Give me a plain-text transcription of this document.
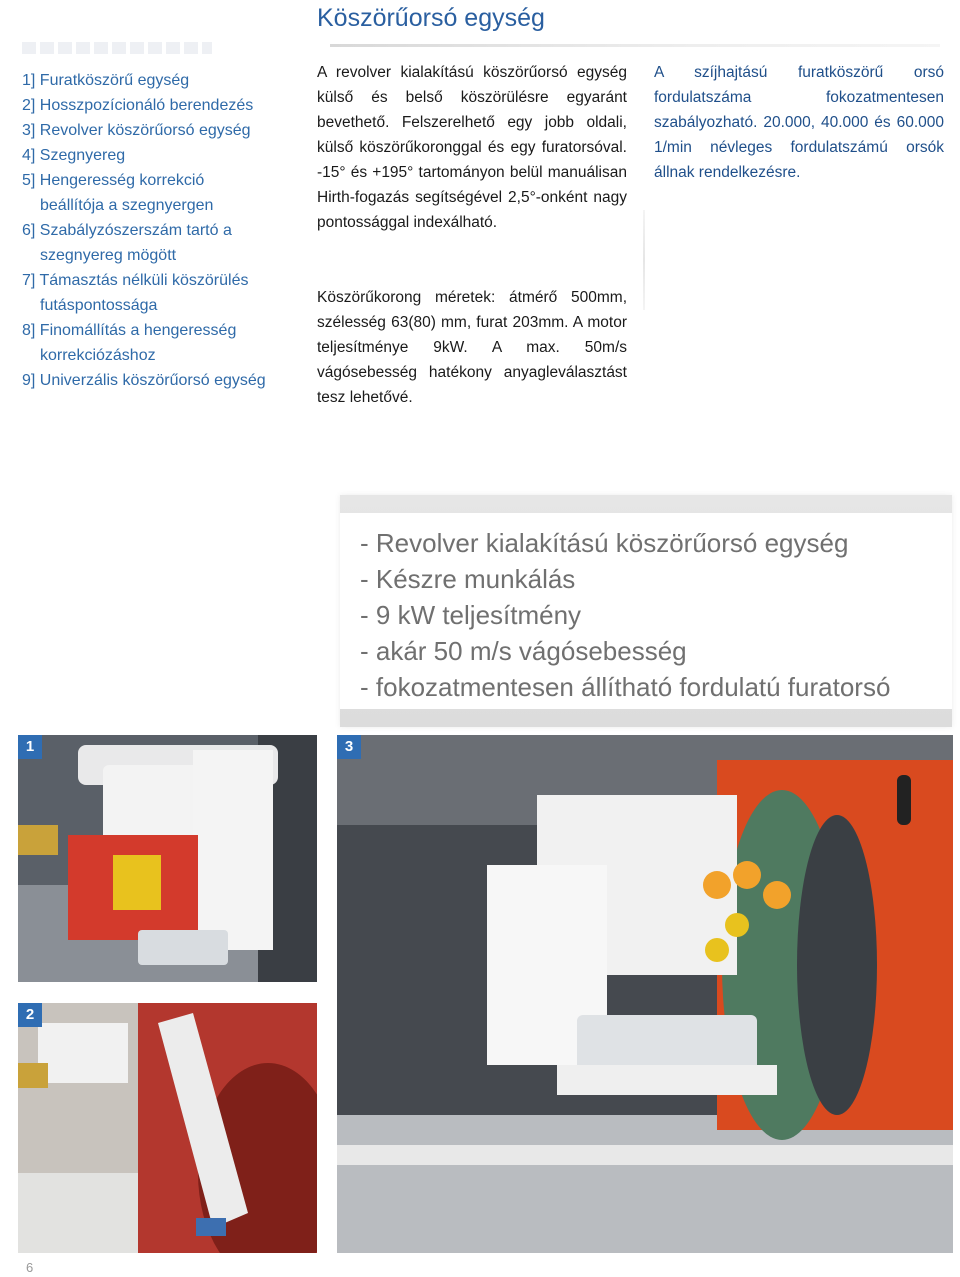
Köszörűorsó egység
1] Furatköszörű egység
2] Hosszpozícionáló berendezés
3] Revolver köszörűorsó egység
4] Szegnyereg
5] Hengeresség korrekció
beállítója a szegnyergen
6] Szabályzószerszám tartó a
szegnyereg mögött
7] Támasztás nélküli köszörülés
futáspontossága
8] Finomállítás a hengeresség
korrekciózáshoz
9] Univerzális köszörűorsó egység

A revolver kialakítású köszörűorsó egység külső és belső köszörülésre egyaránt bevethető. Felszerelhető egy jobb oldali, külső köszörűkoronggal és egy furatorsóval. -15° és +195° tartományon belül manuálisan Hirth-fogazás segítségével 2,5°-onként nagy pontossággal indexálható.

Köszörűkorong méretek: átmérő 500mm, szélesség 63(80) mm, furat 203mm. A motor teljesítménye 9kW. A max. 50m/s vágósebesség hatékony anyagleválasztást tesz lehetővé.

A szíjhajtású furatköszörű orsó fordulatszáma fokozatmentesen szabályozható. 20.000, 40.000 és 60.000 1/min névleges fordulatszámú orsók állnak rendelkezésre.

- Revolver kialakítású köszörűorsó egység
- Készre munkálás
- 9 kW teljesítmény
- akár 50 m/s vágósebesség
- fokozatmentesen állítható fordulatú furatorsó
1
2
3
6
